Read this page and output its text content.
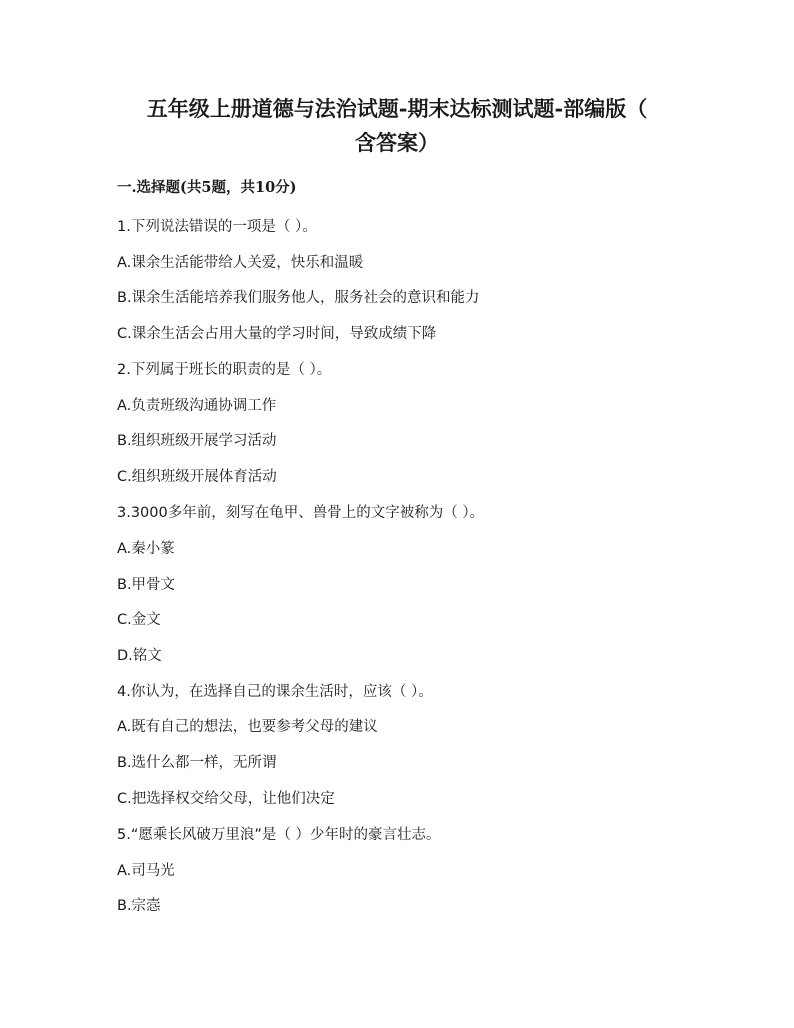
五年级上册道德与法治试题-期末达标测试题-部编版（
含答案）
一.选择题(共5题，共10分)
1.下列说法错误的一项是（ ）。
A.课余生活能带给人关爱，快乐和温暖
B.课余生活能培养我们服务他人，服务社会的意识和能力
C.课余生活会占用大量的学习时间，导致成绩下降
2.下列属于班长的职责的是（ ）。
A.负责班级沟通协调工作
B.组织班级开展学习活动
C.组织班级开展体育活动
3.3000多年前，刻写在龟甲、兽骨上的文字被称为（ ）。
A.秦小篆
B.甲骨文
C.金文
D.铭文
4.你认为，在选择自己的课余生活时，应该（ ）。
A.既有自己的想法，也要参考父母的建议
B.选什么都一样，无所谓
C.把选择权交给父母，让他们决定
5.“愿乘长风破万里浪”是（ ）少年时的豪言壮志。
A.司马光
B.宗悫
